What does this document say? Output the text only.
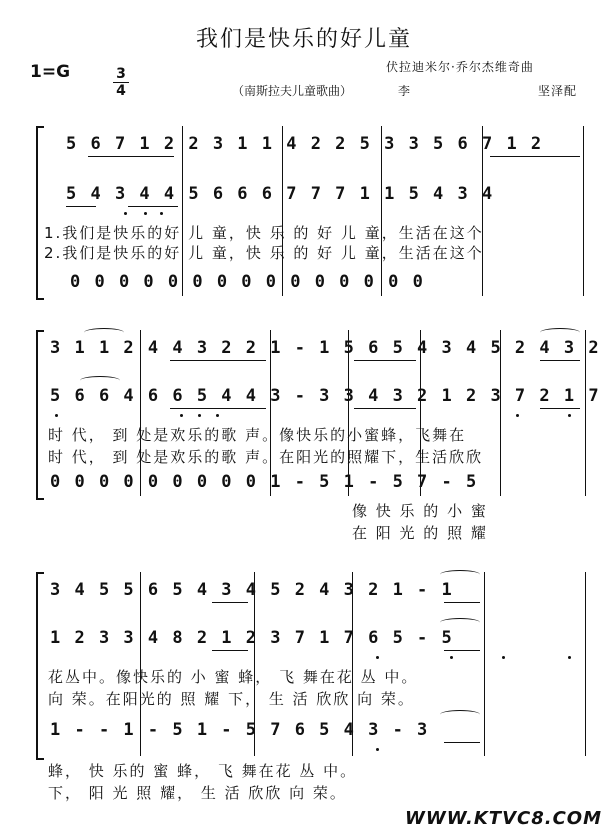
我们是快乐的好儿童
1=G	3
4	（南斯拉夫儿童歌曲）
伏拉迪米尔·乔尔杰维奇曲
李	坚泽配
5 6 7 1 2 2 3 1 1 4 2 2 5 3 3 5 6 7 1 2
5 4 3 4 4 5 6 6 6 7 7 7 1 1 5 4 3 4
1.我们是快乐的好 儿 童，快 乐 的 好 儿 童，生活在这个
2.我们是快乐的好 儿 童，快 乐 的 好 儿 童，生活在这个
0 0 0 0 0 0 0 0 0 0 0 0 0 0 0
3 1 1 2 4 4 3 2 2 1 - 1 5 6 5 4 3 4 5 2 4 3 2
5 6 6 4 6 6 5 4 4 3 - 3 3 4 3 2 1 2 3 7 2 1 7
时 代， 到 处是欢乐的歌 声。像快乐的小蜜蜂，飞舞在
时 代， 到 处是欢乐的歌 声。在阳光的照耀下，生活欣欣
0 0 0 0 0 0 0 0 0 1 - 5 1 - 5 7 - 5
像 快 乐 的 小 蜜
在 阳 光 的 照 耀
3 4 5 5 6 5 4 3 4 5 2 4 3 2 1 - 1
1 2 3 3 4 8 2 1 2 3 7 1 7 6 5 - 5
花丛中。像快乐的 小 蜜 蜂， 飞 舞在花 丛 中。
向 荣。在阳光的 照 耀 下， 生 活 欣欣 向 荣。
1 - - 1 - 5 1 - 5 7 6 5 4 3 - 3
蜂， 快 乐的 蜜 蜂， 飞 舞在花 丛 中。
下， 阳 光 照 耀， 生 活 欣欣 向 荣。
WWW.KTVC8.COM
